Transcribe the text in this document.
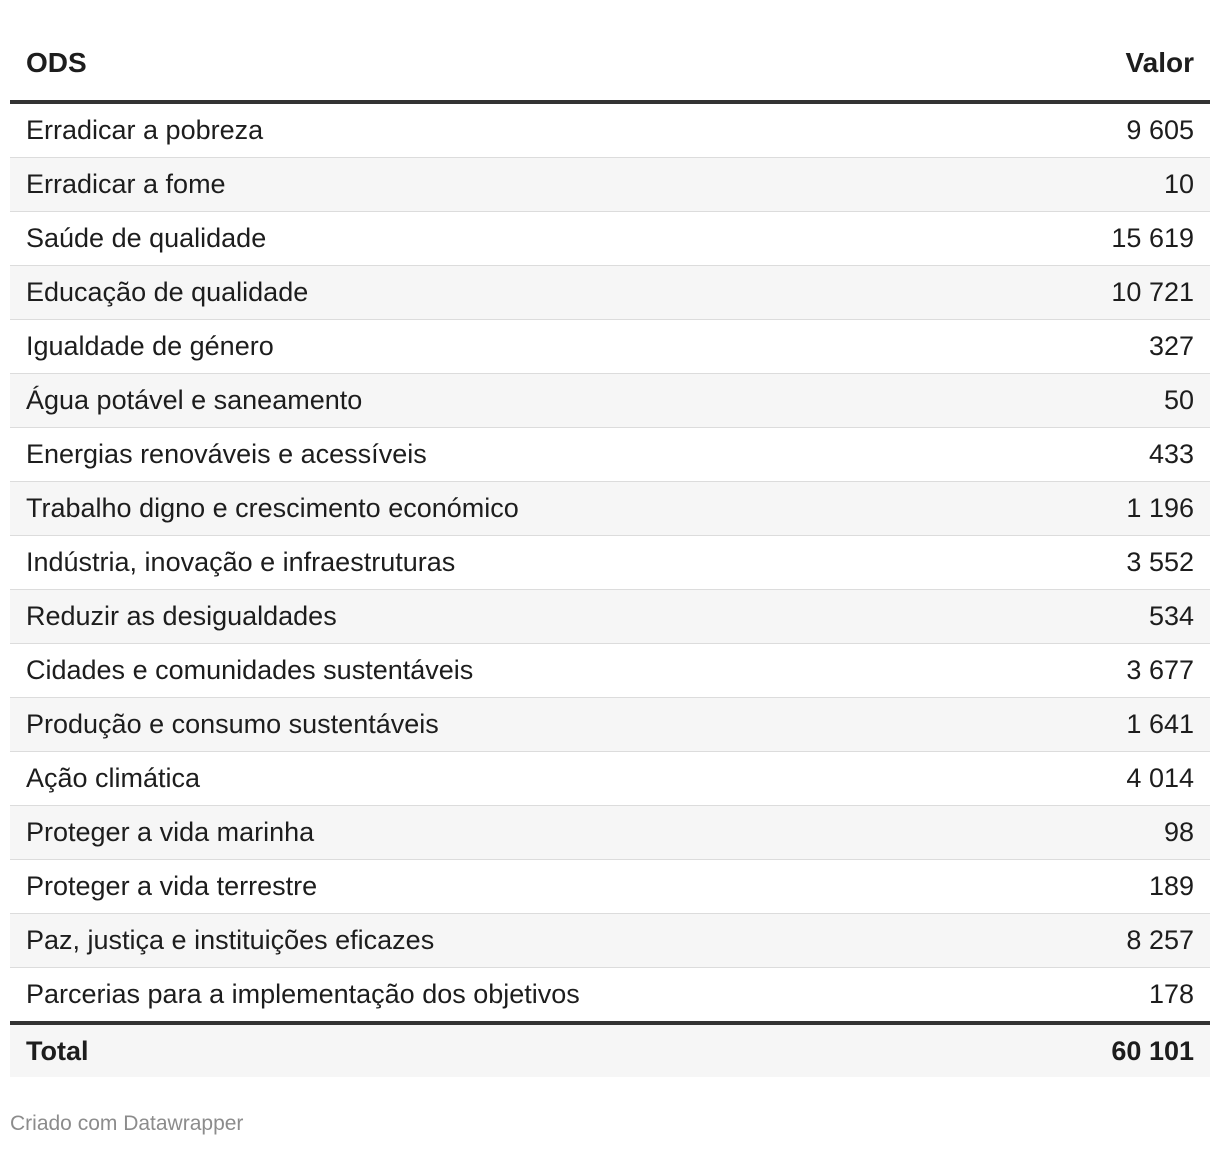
ODS	Valor
Erradicar a pobreza	9 605
Erradicar a fome	10
Saúde de qualidade	15 619
Educação de qualidade	10 721
Igualdade de género	327
Água potável e saneamento	50
Energias renováveis e acessíveis	433
Trabalho digno e crescimento económico	1 196
Indústria, inovação e infraestruturas	3 552
Reduzir as desigualdades	534
Cidades e comunidades sustentáveis	3 677
Produção e consumo sustentáveis	1 641
Ação climática	4 014
Proteger a vida marinha	98
Proteger a vida terrestre	189
Paz, justiça e instituições eficazes	8 257
Parcerias para a implementação dos objetivos	178
Total	60 101
Criado com Datawrapper
